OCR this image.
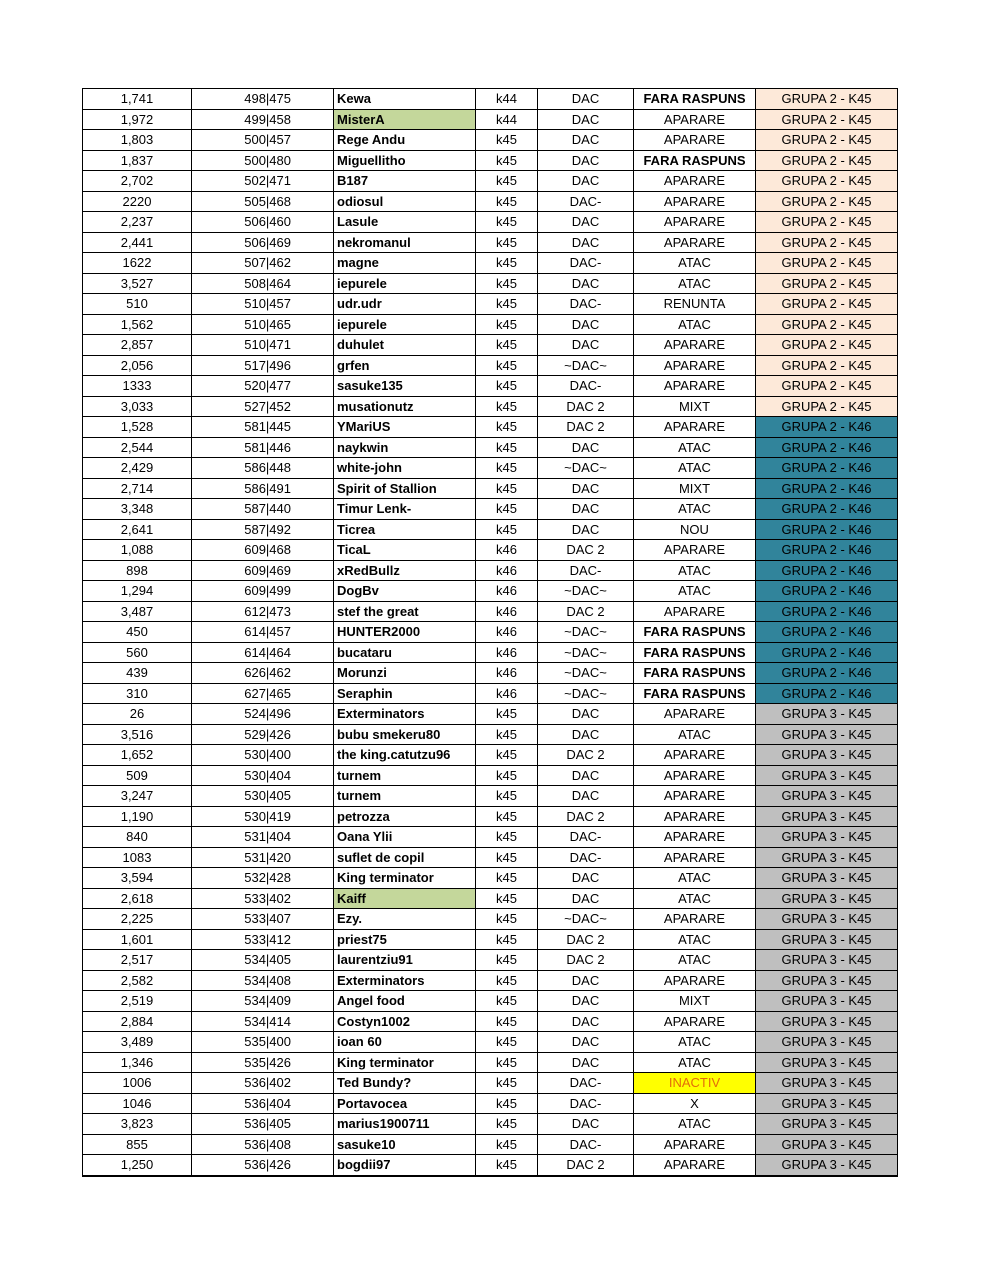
1,741	498|475	Kewa	k44	DAC	FARA RASPUNS	GRUPA 2 - K45
1,972	499|458	MisterA	k44	DAC	APARARE	GRUPA 2 - K45
1,803	500|457	Rege Andu	k45	DAC	APARARE	GRUPA 2 - K45
1,837	500|480	Miguellitho	k45	DAC	FARA RASPUNS	GRUPA 2 - K45
2,702	502|471	B187	k45	DAC	APARARE	GRUPA 2 - K45
2220	505|468	odiosul	k45	DAC-	APARARE	GRUPA 2 - K45
2,237	506|460	Lasule	k45	DAC	APARARE	GRUPA 2 - K45
2,441	506|469	nekromanul	k45	DAC	APARARE	GRUPA 2 - K45
1622	507|462	magne	k45	DAC-	ATAC	GRUPA 2 - K45
3,527	508|464	iepurele	k45	DAC	ATAC	GRUPA 2 - K45
510	510|457	udr.udr	k45	DAC-	RENUNTA	GRUPA 2 - K45
1,562	510|465	iepurele	k45	DAC	ATAC	GRUPA 2 - K45
2,857	510|471	duhulet	k45	DAC	APARARE	GRUPA 2 - K45
2,056	517|496	grfen	k45	~DAC~	APARARE	GRUPA 2 - K45
1333	520|477	sasuke135	k45	DAC-	APARARE	GRUPA 2 - K45
3,033	527|452	musationutz	k45	DAC 2	MIXT	GRUPA 2 - K45
1,528	581|445	YMariUS	k45	DAC 2	APARARE	GRUPA 2 - K46
2,544	581|446	naykwin	k45	DAC	ATAC	GRUPA 2 - K46
2,429	586|448	white-john	k45	~DAC~	ATAC	GRUPA 2 - K46
2,714	586|491	Spirit of Stallion	k45	DAC	MIXT	GRUPA 2 - K46
3,348	587|440	Timur Lenk-	k45	DAC	ATAC	GRUPA 2 - K46
2,641	587|492	Ticrea	k45	DAC	NOU	GRUPA 2 - K46
1,088	609|468	TicaL	k46	DAC 2	APARARE	GRUPA 2 - K46
898	609|469	xRedBullz	k46	DAC-	ATAC	GRUPA 2 - K46
1,294	609|499	DogBv	k46	~DAC~	ATAC	GRUPA 2 - K46
3,487	612|473	stef the great	k46	DAC 2	APARARE	GRUPA 2 - K46
450	614|457	HUNTER2000	k46	~DAC~	FARA RASPUNS	GRUPA 2 - K46
560	614|464	bucataru	k46	~DAC~	FARA RASPUNS	GRUPA 2 - K46
439	626|462	Morunzi	k46	~DAC~	FARA RASPUNS	GRUPA 2 - K46
310	627|465	Seraphin	k46	~DAC~	FARA RASPUNS	GRUPA 2 - K46
26	524|496	Exterminators	k45	DAC	APARARE	GRUPA 3 - K45
3,516	529|426	bubu smekeru80	k45	DAC	ATAC	GRUPA 3 - K45
1,652	530|400	the king.catutzu96	k45	DAC 2	APARARE	GRUPA 3 - K45
509	530|404	turnem	k45	DAC	APARARE	GRUPA 3 - K45
3,247	530|405	turnem	k45	DAC	APARARE	GRUPA 3 - K45
1,190	530|419	petrozza	k45	DAC 2	APARARE	GRUPA 3 - K45
840	531|404	Oana Ylii	k45	DAC-	APARARE	GRUPA 3 - K45
1083	531|420	suflet de copil	k45	DAC-	APARARE	GRUPA 3 - K45
3,594	532|428	King terminator	k45	DAC	ATAC	GRUPA 3 - K45
2,618	533|402	Kaiff	k45	DAC	ATAC	GRUPA 3 - K45
2,225	533|407	Ezy.	k45	~DAC~	APARARE	GRUPA 3 - K45
1,601	533|412	priest75	k45	DAC 2	ATAC	GRUPA 3 - K45
2,517	534|405	laurentziu91	k45	DAC 2	ATAC	GRUPA 3 - K45
2,582	534|408	Exterminators	k45	DAC	APARARE	GRUPA 3 - K45
2,519	534|409	Angel food	k45	DAC	MIXT	GRUPA 3 - K45
2,884	534|414	Costyn1002	k45	DAC	APARARE	GRUPA 3 - K45
3,489	535|400	ioan 60	k45	DAC	ATAC	GRUPA 3 - K45
1,346	535|426	King terminator	k45	DAC	ATAC	GRUPA 3 - K45
1006	536|402	Ted Bundy?	k45	DAC-	INACTIV	GRUPA 3 - K45
1046	536|404	Portavocea	k45	DAC-	X	GRUPA 3 - K45
3,823	536|405	marius1900711	k45	DAC	ATAC	GRUPA 3 - K45
855	536|408	sasuke10	k45	DAC-	APARARE	GRUPA 3 - K45
1,250	536|426	bogdii97	k45	DAC 2	APARARE	GRUPA 3 - K45
